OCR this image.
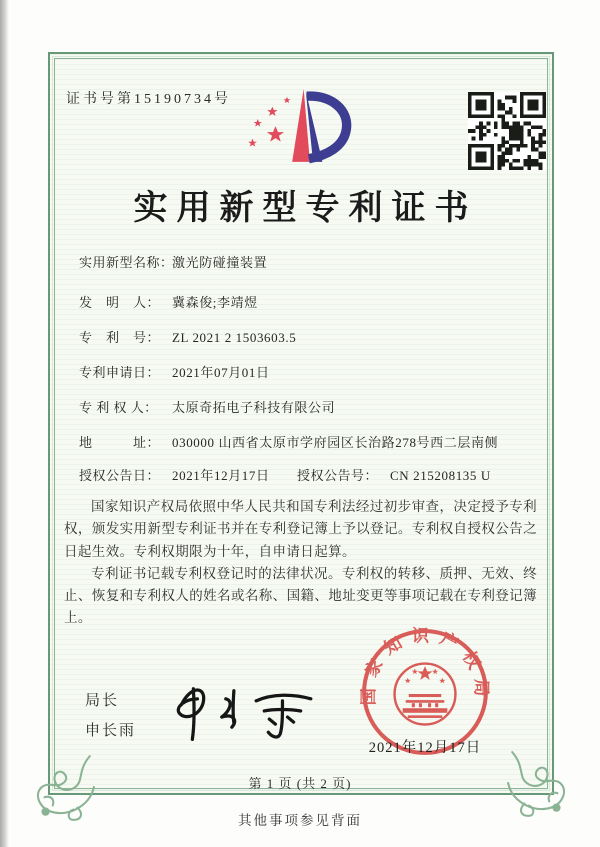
证书号第15190734号
实用新型专利证书
实用新型名称：激光防碰撞装置
发　明　人： 冀森俊;李靖煜
专　利　号： ZL 2021 2 1503603.5
专利申请日： 2021年07月01日
专 利 权 人： 太原奇拓电子科技有限公司
地　　　址： 030000 山西省太原市学府园区长治路278号西二层南侧
授权公告日： 2021年12月17日 授权公告号： CN 215208135 U

国家知识产权局依照中华人民共和国专利法经过初步审查，决定授予专利权，颁发实用新型专利证书并在专利登记簿上予以登记。专利权自授权公告之日起生效。专利权期限为十年，自申请日起算。

专利证书记载专利权登记时的法律状况。专利权的转移、质押、无效、终止、恢复和专利权人的姓名或名称、国籍、地址变更等事项记载在专利登记簿上。

局长
申长雨
国家知识产权局
2021年12月17日
第 1 页 (共 2 页)
其他事项参见背面
